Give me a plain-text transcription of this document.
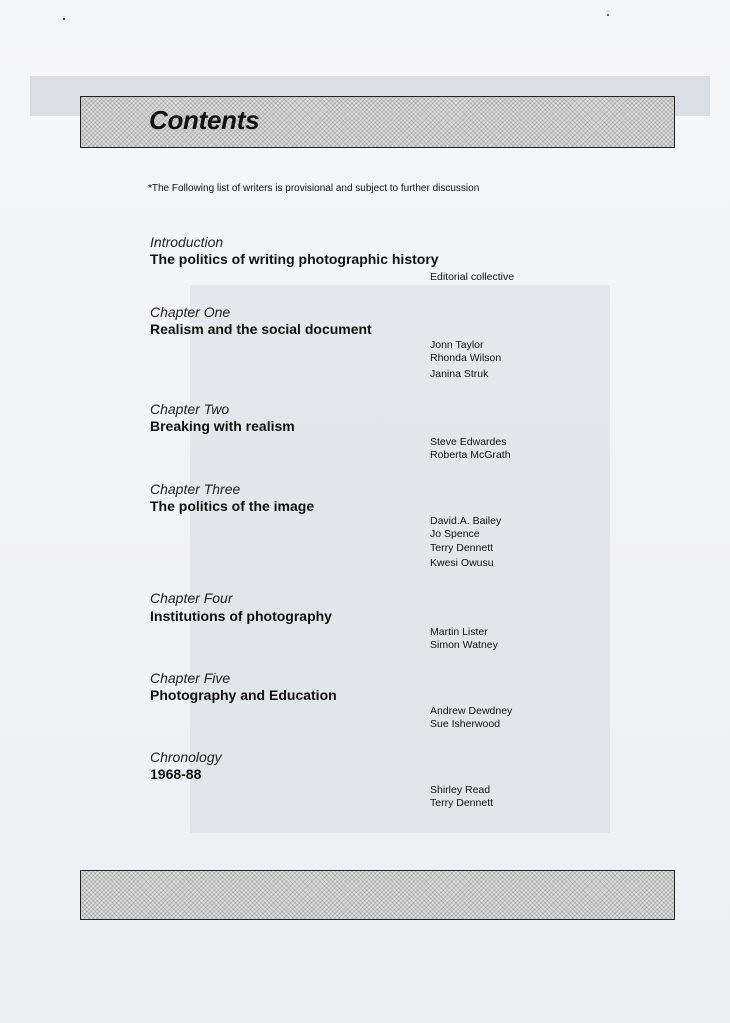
Contents
*The Following list of writers is provisional and subject to further discussion
Introduction
The politics of writing photographic history
Editorial collective
Chapter One
Realism and the social document
Jonn Taylor
Rhonda Wilson
Janina Struk
Chapter Two
Breaking with realism
Steve Edwardes
Roberta McGrath
Chapter Three
The politics of the image
David.A. Bailey
Jo Spence
Terry Dennett
Kwesi Owusu
Chapter Four
Institutions of photography
Martin Lister
Simon Watney
Chapter Five
Photography and Education
Andrew Dewdney
Sue Isherwood
Chronology
1968-88
Shirley Read
Terry Dennett
